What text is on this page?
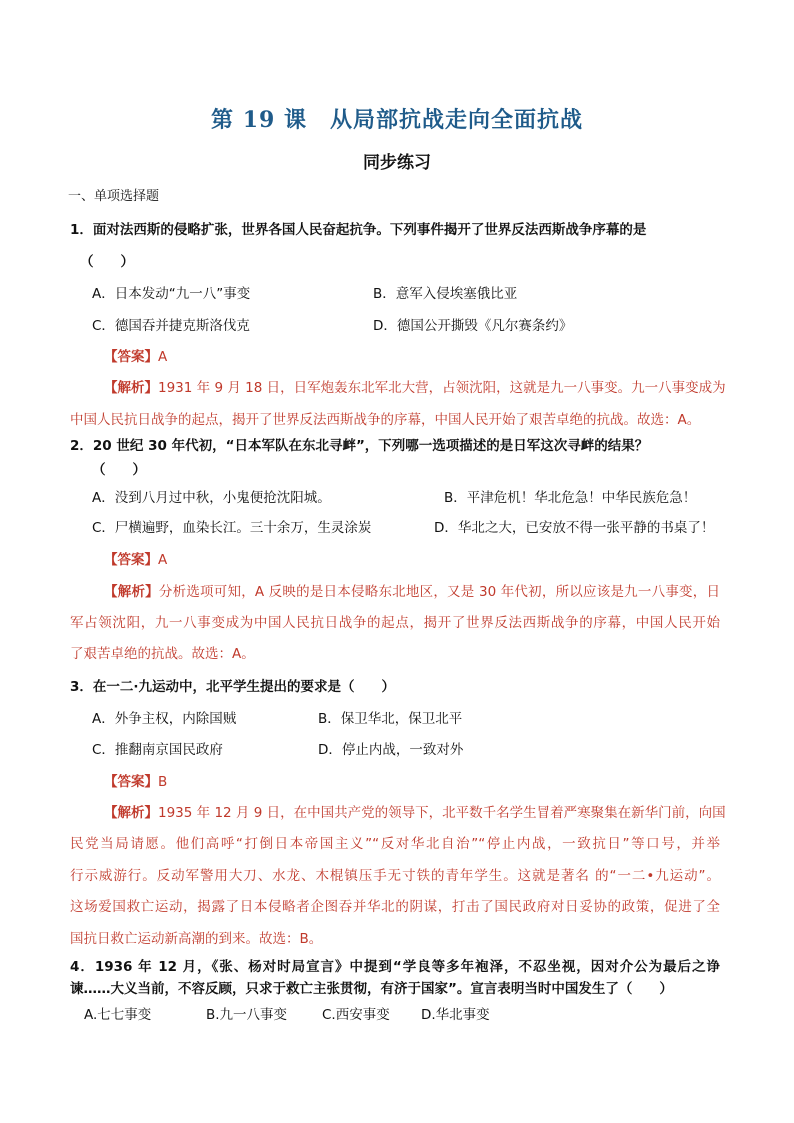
第 19 课　从局部抗战走向全面抗战
同步练习
一、单项选择题
1．面对法西斯的侵略扩张，世界各国人民奋起抗争。下列事件揭开了世界反法西斯战争序幕的是
（　　）
A．日本发动“九一八”事变	B．意军入侵埃塞俄比亚
C．德国吞并捷克斯洛伐克	D．德国公开撕毁《凡尔赛条约》
【答案】A
【解析】1931 年 9 月 18 日，日军炮轰东北军北大营，占领沈阳，这就是九一八事变。九一八事变成为
中国人民抗日战争的起点，揭开了世界反法西斯战争的序幕，中国人民开始了艰苦卓绝的抗战。故选：A。
2．20 世纪 30 年代初，“日本军队在东北寻衅”，下列哪一选项描述的是日军这次寻衅的结果？
（　　）
A．没到八月过中秋，小鬼便抢沈阳城。	B．平津危机！华北危急！中华民族危急！
C．尸横遍野，血染长江。三十余万，生灵涂炭	D．华北之大，已安放不得一张平静的书桌了！
【答案】A
【解析】分析选项可知，A 反映的是日本侵略东北地区，又是 30 年代初，所以应该是九一八事变，日
军占领沈阳，九一八事变成为中国人民抗日战争的起点，揭开了世界反法西斯战争的序幕，中国人民开始
了艰苦卓绝的抗战。故选：A。
3．在一二·九运动中，北平学生提出的要求是（　　）
A．外争主权，内除国贼	B．保卫华北，保卫北平
C．推翻南京国民政府	D．停止内战，一致对外
【答案】B
【解析】1935 年 12 月 9 日，在中国共产党的领导下，北平数千名学生冒着严寒聚集在新华门前，向国
民党当局请愿。他们高呼“打倒日本帝国主义”“反对华北自治”“停止内战，一致抗日”等口号，并举
行示威游行。反动军警用大刀、水龙、木棍镇压手无寸铁的青年学生。这就是著名 的“一二•九运动”。
这场爱国救亡运动，揭露了日本侵略者企图吞并华北的阴谋，打击了国民政府对日妥协的政策，促进了全
国抗日救亡运动新高潮的到来。故选：B。
4．1936 年 12 月，《张、杨对时局宣言》中提到“学良等多年袍泽，不忍坐视，因对介公为最后之诤
谏……大义当前，不容反顾，只求于救亡主张贯彻，有济于国家”。宣言表明当时中国发生了（　　）
A.七七事变	B.九一八事变	C.西安事变 D.华北事变
